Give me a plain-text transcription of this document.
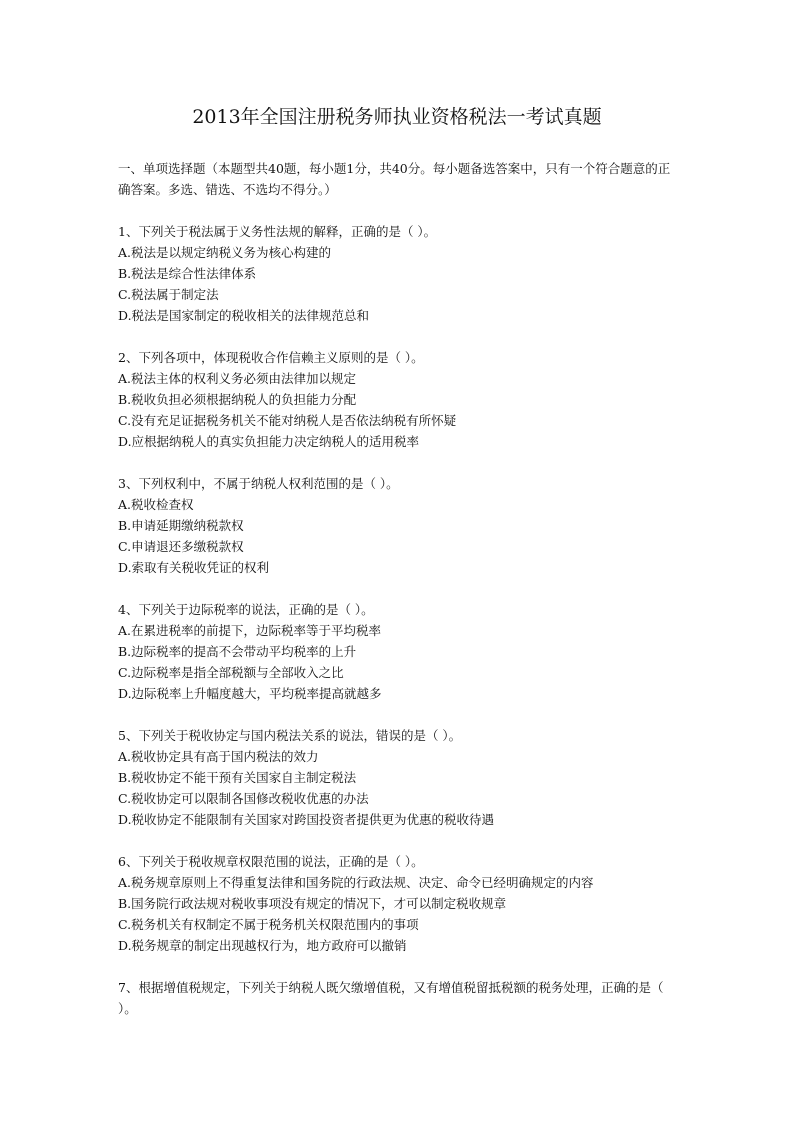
2013年全国注册税务师执业资格税法一考试真题

一、单项选择题（本题型共40题，每小题1分，共40分。每小题备选答案中，只有一个符合题意的正确答案。多选、错选、不选均不得分。）

1、下列关于税法属于义务性法规的解释，正确的是（ ）。

A.税法是以规定纳税义务为核心构建的

B.税法是综合性法律体系

C.税法属于制定法

D.税法是国家制定的税收相关的法律规范总和

2、下列各项中，体现税收合作信赖主义原则的是（ ）。

A.税法主体的权利义务必须由法律加以规定

B.税收负担必须根据纳税人的负担能力分配

C.没有充足证据税务机关不能对纳税人是否依法纳税有所怀疑

D.应根据纳税人的真实负担能力决定纳税人的适用税率

3、下列权利中，不属于纳税人权利范围的是（ ）。

A.税收检查权

B.申请延期缴纳税款权

C.申请退还多缴税款权

D.索取有关税收凭证的权利

4、下列关于边际税率的说法，正确的是（ ）。

A.在累进税率的前提下，边际税率等于平均税率

B.边际税率的提高不会带动平均税率的上升

C.边际税率是指全部税额与全部收入之比

D.边际税率上升幅度越大，平均税率提高就越多

5、下列关于税收协定与国内税法关系的说法，错误的是（ ）。

A.税收协定具有高于国内税法的效力

B.税收协定不能干预有关国家自主制定税法

C.税收协定可以限制各国修改税收优惠的办法

D.税收协定不能限制有关国家对跨国投资者提供更为优惠的税收待遇

6、下列关于税收规章权限范围的说法，正确的是（ ）。

A.税务规章原则上不得重复法律和国务院的行政法规、决定、命令已经明确规定的内容

B.国务院行政法规对税收事项没有规定的情况下，才可以制定税收规章

C.税务机关有权制定不属于税务机关权限范围内的事项

D.税务规章的制定出现越权行为，地方政府可以撤销

7、根据增值税规定，下列关于纳税人既欠缴增值税，又有增值税留抵税额的税务处理，正确的是（ ）。
